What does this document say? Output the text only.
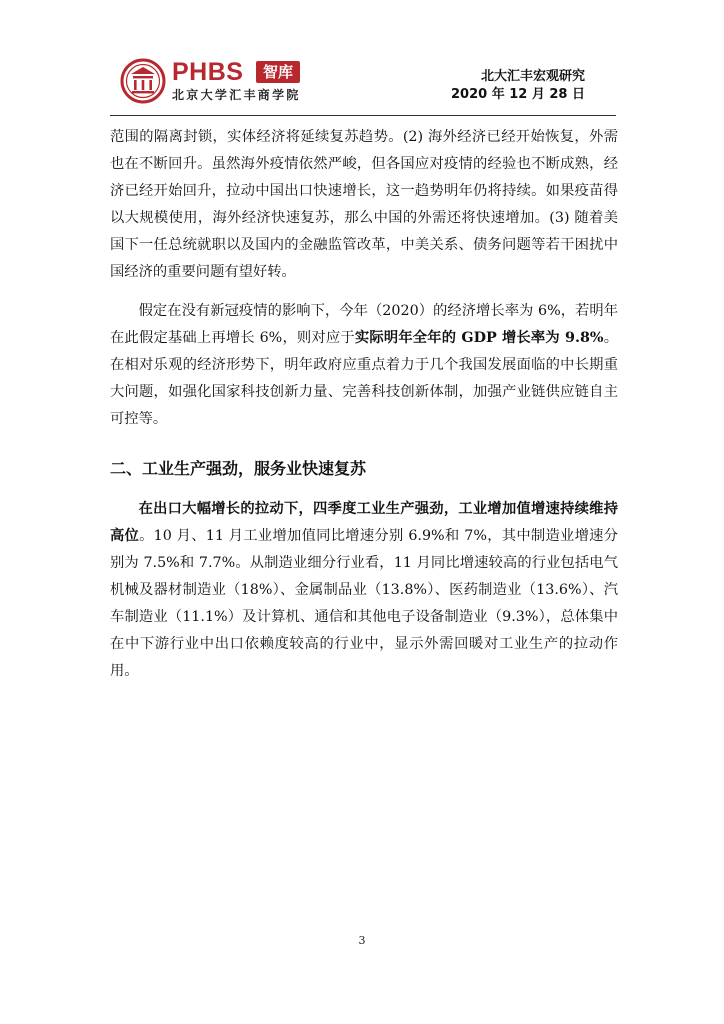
PHBS	智库
北京大学汇丰商学院
北大汇丰宏观研究
2020 年 12 月 28 日

范围的隔离封锁，实体经济将延续复苏趋势。(2) 海外经济已经开始恢复，外需也在不断回升。虽然海外疫情依然严峻，但各国应对疫情的经验也不断成熟，经济已经开始回升，拉动中国出口快速增长，这一趋势明年仍将持续。如果疫苗得以大规模使用，海外经济快速复苏，那么中国的外需还将快速增加。(3) 随着美国下一任总统就职以及国内的金融监管改革，中美关系、债务问题等若干困扰中国经济的重要问题有望好转。

假定在没有新冠疫情的影响下，今年（2020）的经济增长率为 6%，若明年在此假定基础上再增长 6%，则对应于实际明年全年的 GDP 增长率为 9.8%。在相对乐观的经济形势下，明年政府应重点着力于几个我国发展面临的中长期重大问题，如强化国家科技创新力量、完善科技创新体制，加强产业链供应链自主可控等。

二、工业生产强劲，服务业快速复苏

在出口大幅增长的拉动下，四季度工业生产强劲，工业增加值增速持续维持高位。10 月、11 月工业增加值同比增速分别 6.9%和 7%，其中制造业增速分别为 7.5%和 7.7%。从制造业细分行业看，11 月同比增速较高的行业包括电气机械及器材制造业（18%）、金属制品业（13.8%）、医药制造业（13.6%）、汽车制造业（11.1%）及计算机、通信和其他电子设备制造业（9.3%），总体集中在中下游行业中出口依赖度较高的行业中，显示外需回暖对工业生产的拉动作用。

3
